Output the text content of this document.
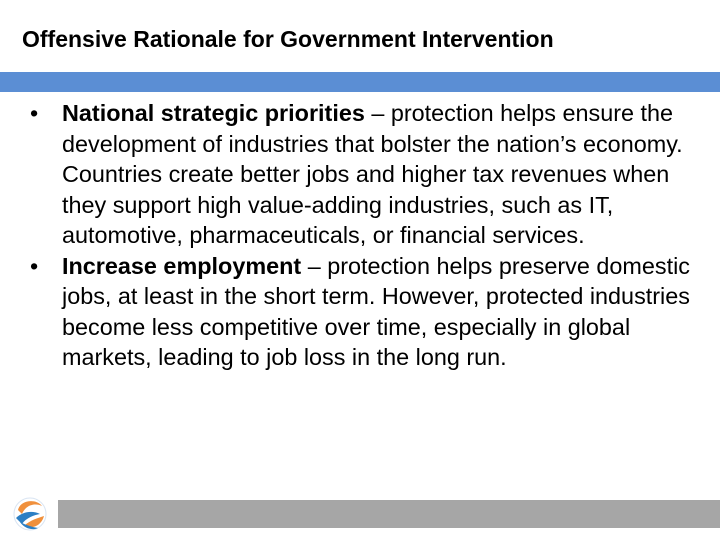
Offensive Rationale for Government Intervention
• National strategic priorities – protection helps ensure the development of industries that bolster the nation’s economy. Countries create better jobs and higher tax revenues when they support high value-adding industries, such as IT, automotive, pharmaceuticals, or financial services.
• Increase employment – protection helps preserve domestic jobs, at least in the short term. However, protected industries become less competitive over time, especially in global markets, leading to job loss in the long run.
